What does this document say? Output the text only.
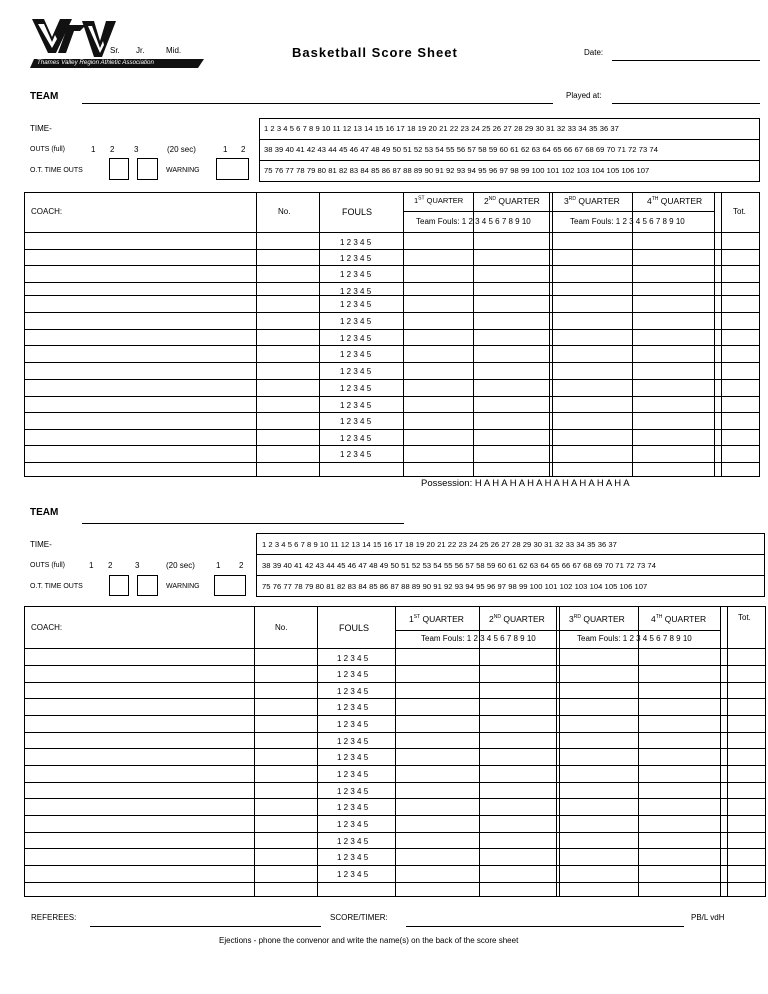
Thames Valley Region Athletic Association
Sr. Jr.	Mid.	Basketball Score Sheet	Date:
TEAM	Played at:
TIME-
OUTS (full)	1 2 3	(20 sec)	1 2
O.T. TIME OUTS	WARNING
1 2 3 4 5 6 7 8 9 10 11 12 13 14 15 16 17 18 19 20 21 22 23 24 25 26 27 28 29 30 31 32 33 34 35 36 37
38 39 40 41 42 43 44 45 46 47 48 49 50 51 52 53 54 55 56 57 58 59 60 61 62 63 64 65 66 67 68 69 70 71 72 73 74
75 76 77 78 79 80 81 82 83 84 85 86 87 88 89 90 91 92 93 94 95 96 97 98 99 100 101 102 103 104 105 106 107
COACH:	No.	FOULS
1ST QUARTER 2ND QUARTER	3RD QUARTER	4TH QUARTER
Tot.
Team Fouls: 1 2 3 4 5 6 7 8 9 10	Team Fouls: 1 2 3 4 5 6 7 8 9 10
1 2 3 4 5
1 2 3 4 5
1 2 3 4 5
1 2 3 4 5
1 2 3 4 5
1 2 3 4 5
1 2 3 4 5
1 2 3 4 5
1 2 3 4 5
1 2 3 4 5
1 2 3 4 5
1 2 3 4 5
1 2 3 4 5
1 2 3 4 5
Possession: H A H A H A H A H A H A H A H A H A
TEAM
TIME-
OUTS (full)	1 2	3	(20 sec)	1 2
O.T. TIME OUTS	WARNING
1 2 3 4 5 6 7 8 9 10 11 12 13 14 15 16 17 18 19 20 21 22 23 24 25 26 27 28 29 30 31 32 33 34 35 36 37
38 39 40 41 42 43 44 45 46 47 48 49 50 51 52 53 54 55 56 57 58 59 60 61 62 63 64 65 66 67 68 69 70 71 72 73 74
75 76 77 78 79 80 81 82 83 84 85 86 87 88 89 90 91 92 93 94 95 96 97 98 99 100 101 102 103 104 105 106 107
COACH:	No.	FOULS
1ST QUARTER	2ND QUARTER	3RD QUARTER	4TH QUARTER	Tot.
Team Fouls: 1 2 3 4 5 6 7 8 9 10	Team Fouls: 1 2 3 4 5 6 7 8 9 10
1 2 3 4 5
1 2 3 4 5
1 2 3 4 5
1 2 3 4 5
1 2 3 4 5
1 2 3 4 5
1 2 3 4 5
1 2 3 4 5
1 2 3 4 5
1 2 3 4 5
1 2 3 4 5
1 2 3 4 5
1 2 3 4 5
1 2 3 4 5
REFEREES:	SCORE/TIMER:	PB/L vdH
Ejections - phone the convenor and write the name(s) on the back of the score sheet
